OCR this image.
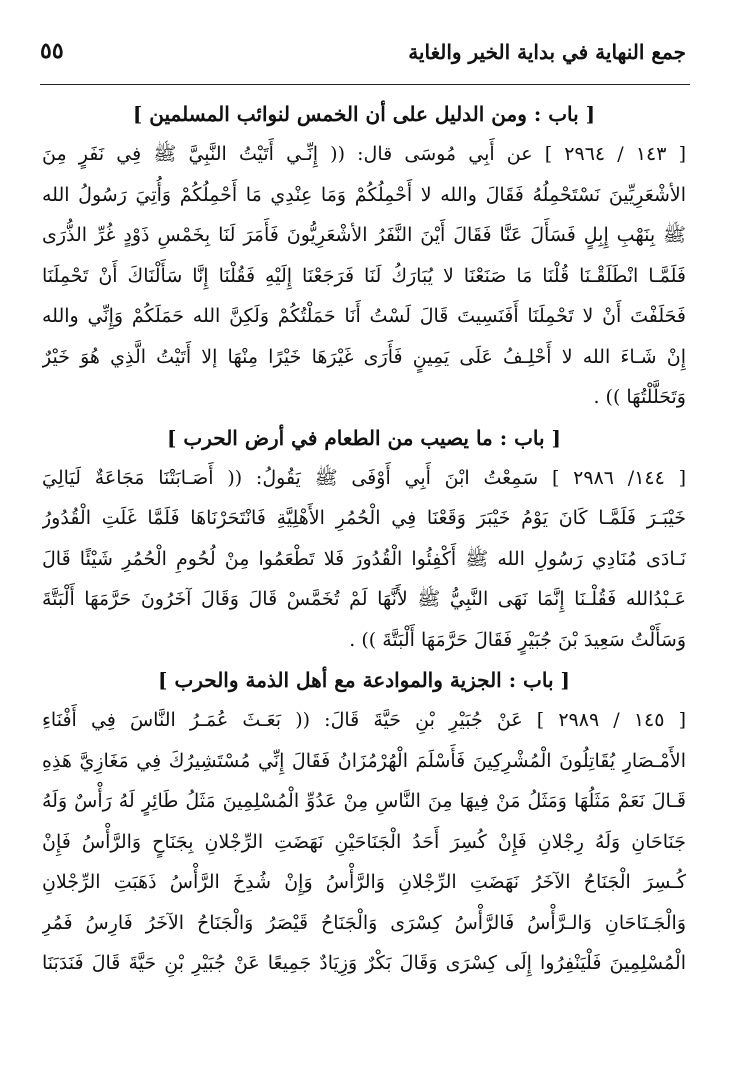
٥٥	جمع النهاية في بداية الخير والغاية
[ باب : ومن الدليل على أن الخمس لنوائب المسلمين ]
[ ١٤٣ / ٢٩٦٤ ] عن أَبِي مُوسَى قال: (( إِنِّـي أَتَيْتُ النَّبِيَّ ﷺ فِي نَفَرٍ مِنَ
الأشْعَرِيِّينَ نَسْتَحْمِلُهُ فَقَالَ والله لا أَحْمِلُكُمْ وَمَا عِنْدِي مَا أَحْمِلُكُمْ وَأُتِيَ رَسُولُ الله
ﷺ بِنَهْبِ إِبِلٍ فَسَأَلَ عَنَّا فَقَالَ أَيْنَ النَّفَرُ الأشْعَرِيُّونَ فَأَمَرَ لَنَا بِخَمْسِ ذَوْدٍ غُرِّ الذُّرَى
فَلَمَّـا انْطَلَقْـنَا قُلْنَا مَا صَنَعْنَا لا يُبَارَكُ لَنَا فَرَجَعْنَا إِلَيْهِ فَقُلْنَا إِنَّا سَأَلْنَاكَ أَنْ تَحْمِلَنَا
فَحَلَفْتَ أَنْ لا تَحْمِلَنَا أَفَنَسِيتَ قَالَ لَسْتُ أَنَا حَمَلْتُكُمْ وَلَكِنَّ الله حَمَلَكُمْ وَإِنِّي والله
إِنْ شَـاءَ الله لا أَحْلِـفُ عَلَى يَمِينٍ فَأَرَى غَيْرَهَا خَيْرًا مِنْهَا إلا أَتَيْتُ الَّذِي هُوَ خَيْرٌ
وَتَحَلَّلْتُهَا )) .
[ باب : ما يصيب من الطعام في أرض الحرب ]
[ ١٤٤/ ٢٩٨٦ ] سَمِعْتُ ابْنَ أَبِي أَوْفَى ﷺ يَقُولُ: (( أَصَـابَتْنَا مَجَاعَةٌ لَيَالِيَ
خَيْبَـرَ فَلَمَّـا كَانَ يَوْمُ خَيْبَرَ وَقَعْنَا فِي الْحُمُرِ الأَهْلِيَّةِ فَانْتَحَرْنَاهَا فَلَمَّا غَلَتِ الْقُدُورُ
نَـادَى مُنَادِي رَسُولِ الله ﷺ أَكْفِئُوا الْقُدُورَ فَلا تَطْعَمُوا مِنْ لُحُومِ الْحُمُرِ شَيْئًا قَالَ
عَـبْدُالله فَقُلْـنَا إِنَّمَا نَهَى النَّبِيُّ ﷺ لأَنَّهَا لَمْ تُخَمَّسْ قَالَ وَقَالَ آخَرُونَ حَرَّمَهَا أَلْبَتَّةَ
وَسَأَلْتُ سَعِيدَ بْنَ جُبَيْرٍ فَقَالَ حَرَّمَهَا أَلْبَتَّةَ )) .
[ باب : الجزية والموادعة مع أهل الذمة والحرب ]
[ ١٤٥ / ٢٩٨٩ ] عَنْ جُبَيْرِ بْنِ حَيَّةَ قَالَ: (( بَعَـثَ عُمَـرُ النَّاسَ فِي أَفْنَاءِ
الأَمْـصَارِ يُقَاتِلُونَ الْمُشْرِكِينَ فَأَسْلَمَ الْهُرْمُزَانُ فَقَالَ إِنِّي مُسْتَشِيرُكَ فِي مَغَازِيَّ هَذِهِ
قَـالَ نَعَمْ مَثَلُهَا وَمَثَلُ مَنْ فِيهَا مِنَ النَّاسِ مِنْ عَدُوِّ الْمُسْلِمِينَ مَثَلُ طَائِرٍ لَهُ رَأْسٌ وَلَهُ
جَنَاحَانِ وَلَهُ رِجْلانِ فَإِنْ كُسِرَ أَحَدُ الْجَنَاحَيْنِ نَهَضَتِ الرِّجْلانِ بِجَنَاحٍ وَالرَّأْسُ فَإِنْ
كُـسِرَ الْجَنَاحُ الآخَرُ نَهَضَتِ الرِّجْلانِ وَالرَّأْسُ وَإِنْ شُدِخَ الرَّأْسُ ذَهَبَتِ الرِّجْلانِ
وَالْجَـنَاحَانِ وَالـرَّأْسُ فَالرَّأْسُ كِسْرَى وَالْجَنَاحُ قَيْصَرُ وَالْجَنَاحُ الآخَرُ فَارِسُ فَمُرِ
الْمُسْلِمِينَ فَلْيَنْفِرُوا إِلَى كِسْرَى وَقَالَ بَكْرٌ وَزِيَادٌ جَمِيعًا عَنْ جُبَيْرِ بْنِ حَيَّةَ قَالَ فَنَدَبَنَا
